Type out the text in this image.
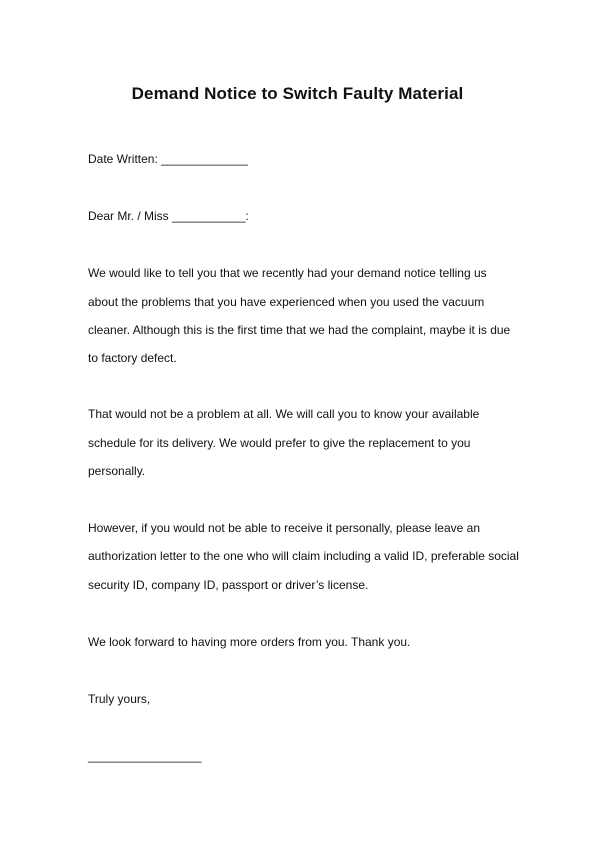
Demand Notice to Switch Faulty Material
Date Written: _____________
Dear Mr. / Miss ___________:
We would like to tell you that we recently had your demand notice telling us
about the problems that you have experienced when you used the vacuum
cleaner. Although this is the first time that we had the complaint, maybe it is due
to factory defect.
That would not be a problem at all. We will call you to know your available
schedule for its delivery. We would prefer to give the replacement to you
personally.
However, if you would not be able to receive it personally, please leave an
authorization letter to the one who will claim including a valid ID, preferable social
security ID, company ID, passport or driver’s license.
We look forward to having more orders from you. Thank you.
Truly yours,
_________________
